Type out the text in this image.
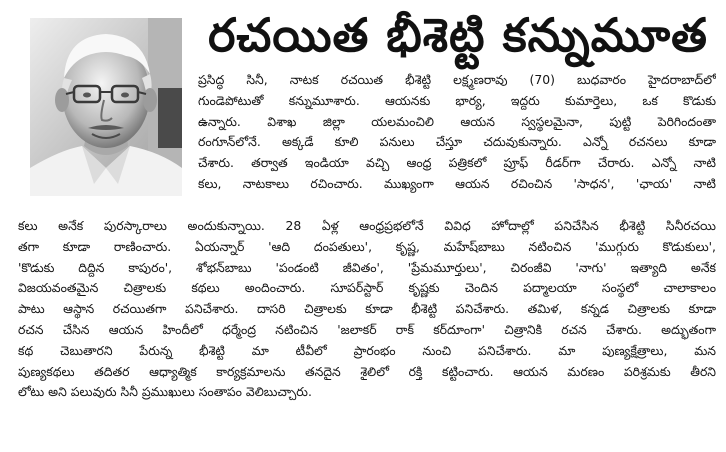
రచయిత భీశెట్టి కన్నుమూత
ప్రసిద్ధ సినీ, నాటక రచయిత భీశెట్టి లక్ష్మణరావు (70) బుధవారం హైదరాబాద్‌లో
గుండెపోటుతో కన్నుమూశారు. ఆయనకు భార్య, ఇద్దరు కుమార్తెలు, ఒక కొడుకు
ఉన్నారు. విశాఖ జిల్లా యలమంచిలి ఆయన స్వస్థలమైనా, పుట్టి పెరిగిందంతా
రంగూన్‌లోనే. అక్కడే కూలి పనులు చేస్తూ చదువుకున్నారు. ఎన్నో రచనలు కూడా
చేశారు. తర్వాత ఇండియా వచ్చి ఆంధ్ర పత్రికలో ప్రూఫ్ రీడర్‌గా చేరారు. ఎన్నో నాటి
కలు, నాటకాలు రచించారు. ముఖ్యంగా ఆయన రచించిన 'సాధన', 'ఛాయ' నాటి
కలు అనేక పురస్కారాలు అందుకున్నాయి. 28 ఏళ్ల ఆంధ్రప్రభలోనే వివిధ హోదాల్లో పనిచేసిన భీశెట్టి సినీరచయి
తగా కూడా రాణించారు. ఏయన్నార్ 'ఆది దంపతులు', కృష్ణ, మహేష్‌బాబు నటించిన 'ముగ్గురు కొడుకులు',
'కొడుకు దిద్దిన కాపురం', శోభన్‌బాబు 'పండంటి జీవితం', 'ప్రేమమూర్తులు', చిరంజీవి 'నాగు' ఇత్యాది అనేక
విజయవంతమైన చిత్రాలకు కథలు అందించారు. సూపర్‌స్టార్ కృష్ణకు చెందిన పద్మాలయా సంస్థలో చాలాకాలం
పాటు ఆస్థాన రచయితగా పనిచేశారు. దాసరి చిత్రాలకు కూడా భీశెట్టి పనిచేశారు. తమిళ, కన్నడ చిత్రాలకు కూడా
రచన చేసిన ఆయన హిందీలో ధర్మేంద్ర నటించిన 'జలాకర్ రాక్ కర్‌దూంగా' చిత్రానికి రచన చేశారు. అద్భుతంగా
కథ చెబుతారని పేరున్న భీశెట్టి మా టీవీలో ప్రారంభం నుంచి పనిచేశారు. మా పుణ్యక్షేత్రాలు, మన
పుణ్యకథలు తదితర ఆధ్యాత్మిక కార్యక్రమాలను తనదైన శైలిలో రక్తి కట్టించారు. ఆయన మరణం పరిశ్రమకు తీరని
లోటు అని పలువురు సినీ ప్రముఖులు సంతాపం వెలిబుచ్చారు.
